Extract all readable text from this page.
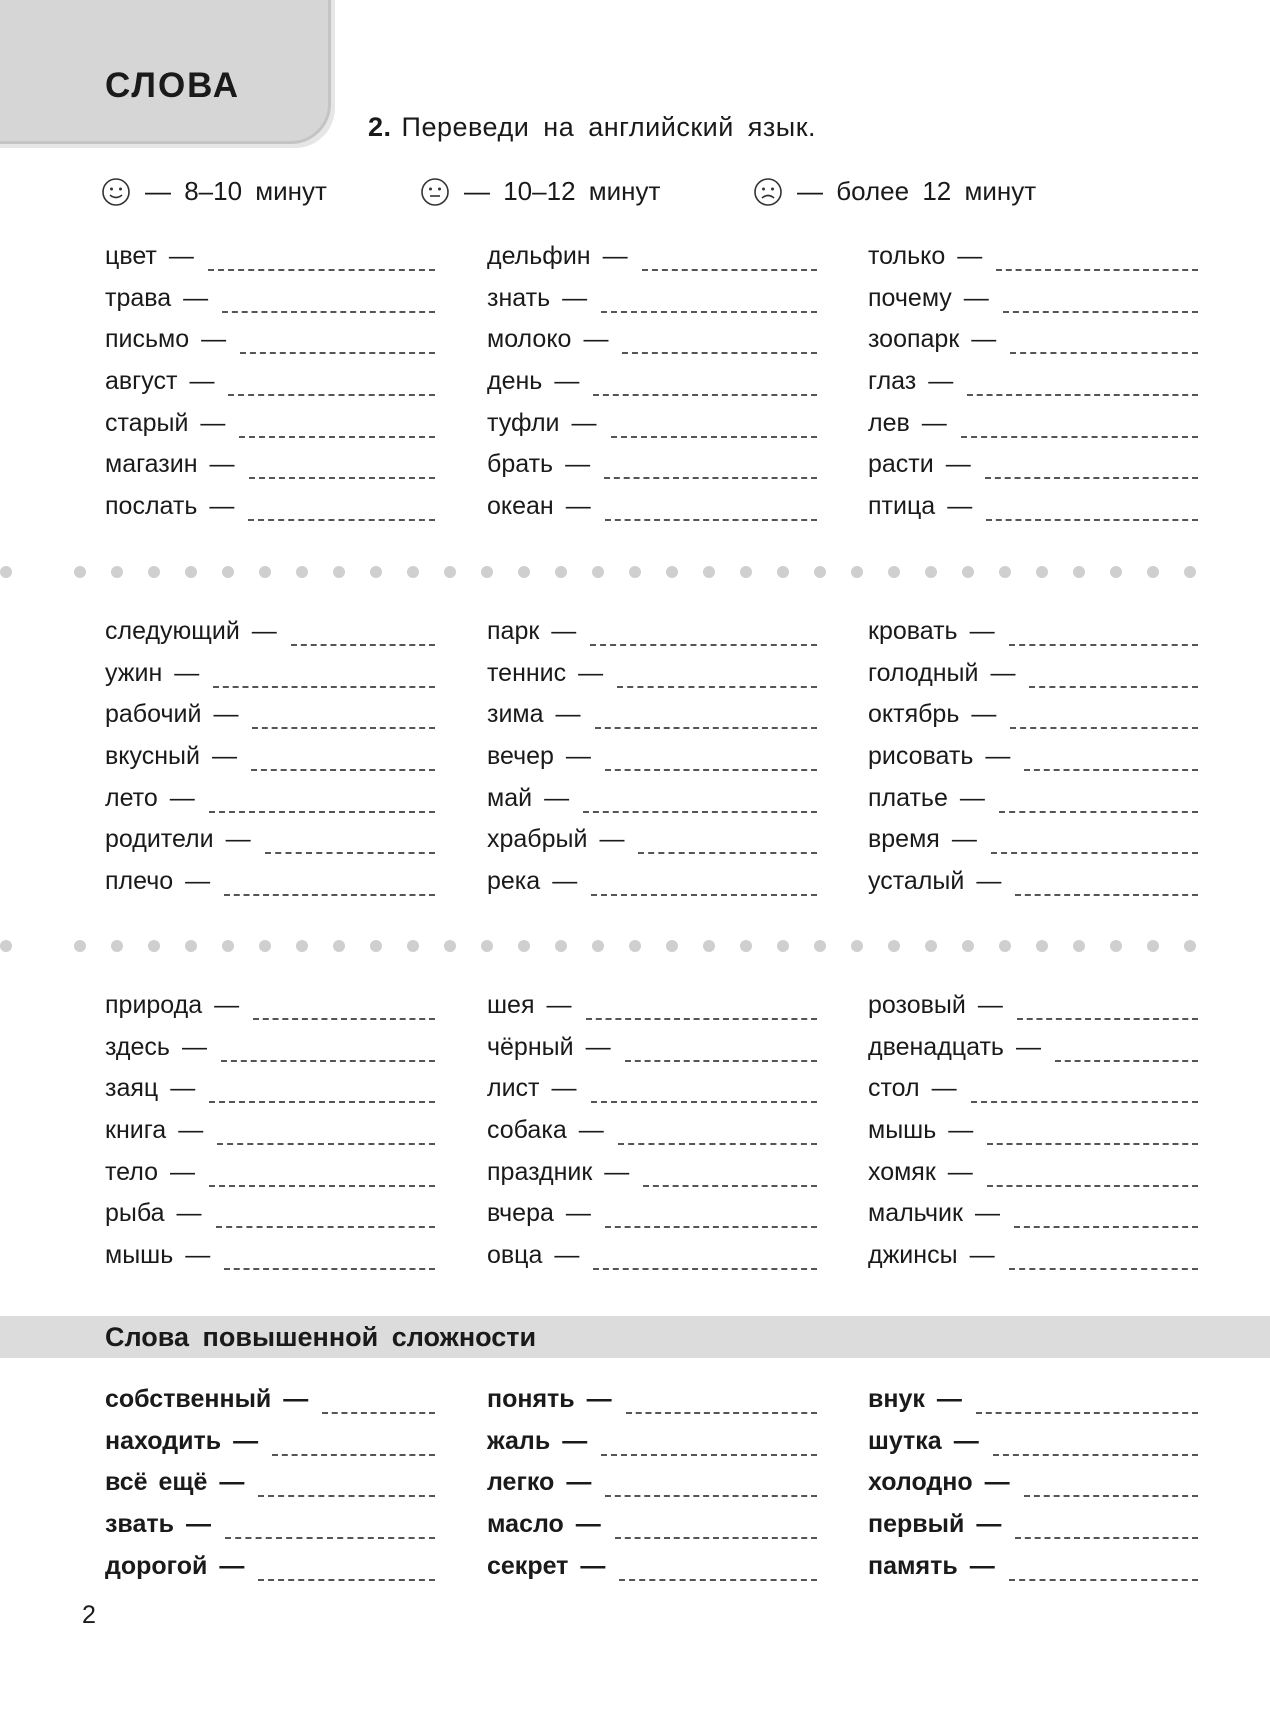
СЛОВА
2. Переведи на английский язык.
— 8–10 минут	— 10–12 минут	— более 12 минут
цвет —
трава —
письмо —
август —
старый —
магазин —
послать —
дельфин —
знать —
молоко —
день —
туфли —
брать —
океан —
только —
почему —
зоопарк —
глаз —
лев —
расти —
птица —
следующий —
ужин —
рабочий —
вкусный —
лето —
родители —
плечо —
парк —
теннис —
зима —
вечер —
май —
храбрый —
река —
кровать —
голодный —
октябрь —
рисовать —
платье —
время —
усталый —
природа —
здесь —
заяц —
книга —
тело —
рыба —
мышь —
шея —
чёрный —
лист —
собака —
праздник —
вчера —
овца —
розовый —
двенадцать —
стол —
мышь —
хомяк —
мальчик —
джинсы —
Слова повышенной сложности
собственный —
находить —
всё ещё —
звать —
дорогой —
понять —
жаль —
легко —
масло —
секрет —
внук —
шутка —
холодно —
первый —
память —
2
